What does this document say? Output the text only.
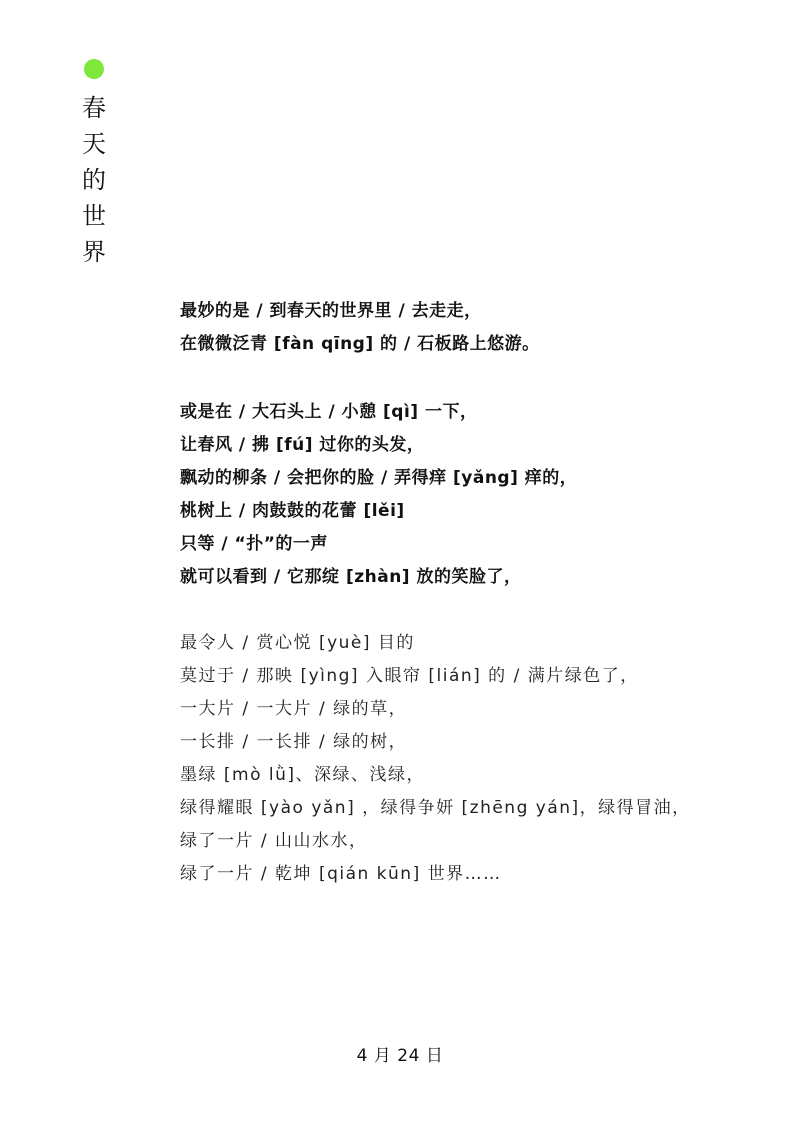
春
天
的
世
界
最妙的是 / 到春天的世界里 / 去走走，
在微微泛青 [fàn qīng] 的 / 石板路上悠游。
或是在 / 大石头上 / 小憩 [qì] 一下，
让春风 / 拂 [fú] 过你的头发，
飘动的柳条 / 会把你的脸 / 弄得痒 [yǎng] 痒的，
桃树上 / 肉鼓鼓的花蕾 [lěi]
只等 / “扑”的一声
就可以看到 / 它那绽 [zhàn] 放的笑脸了，
最令人 / 赏心悦 [yuè] 目的
莫过于 / 那映 [yìng] 入眼帘 [lián] 的 / 满片绿色了，
一大片 / 一大片 / 绿的草，
一长排 / 一长排 / 绿的树，
墨绿 [mò lǜ]、深绿、浅绿，
绿得耀眼 [yào yǎn] ，绿得争妍 [zhēng yán]，绿得冒油，
绿了一片 / 山山水水，
绿了一片 / 乾坤 [qián kūn] 世界……
4 月 24 日
